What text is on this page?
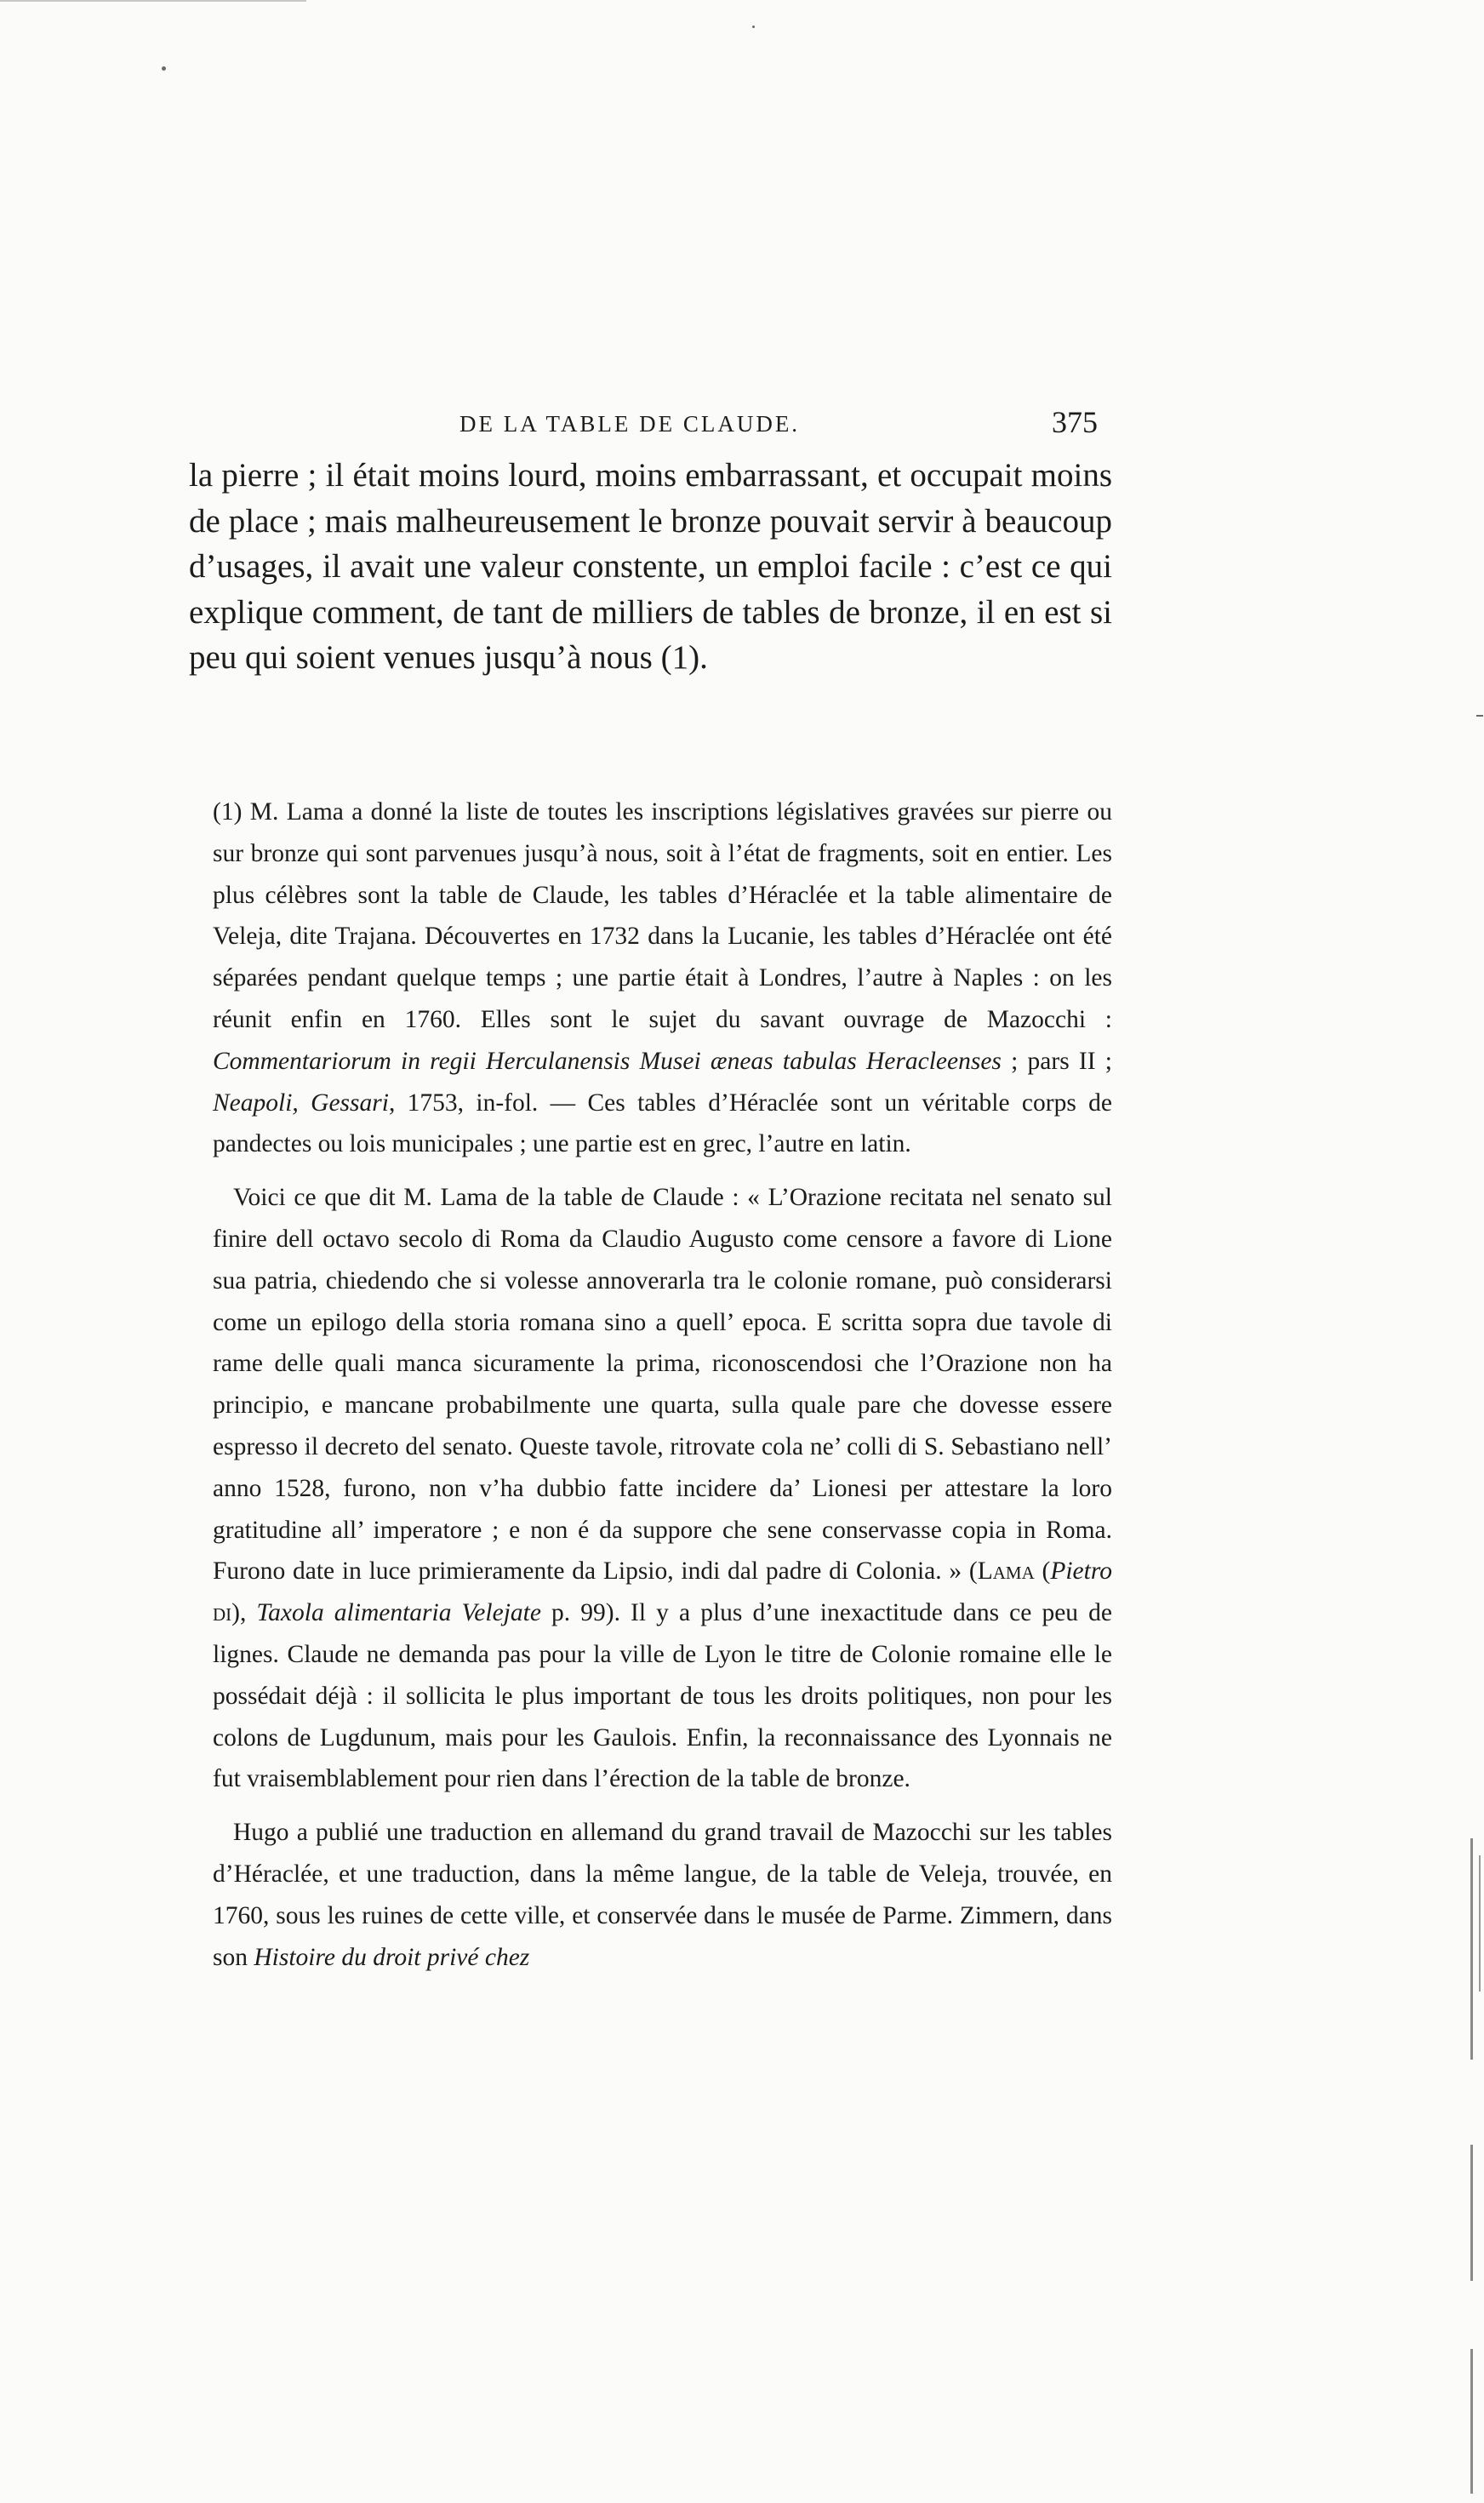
DE LA TABLE DE CLAUDE.	375

la pierre ; il était moins lourd, moins embarrassant, et occupait moins de place ; mais malheureusement le bronze pouvait servir à beaucoup d’usages, il avait une valeur constente, un emploi facile : c’est ce qui explique comment, de tant de milliers de tables de bronze, il en est si peu qui soient venues jusqu’à nous (1).

(1) M. Lama a donné la liste de toutes les inscriptions législatives gravées sur pierre ou sur bronze qui sont parvenues jusqu’à nous, soit à l’état de fragments, soit en entier. Les plus célèbres sont la table de Claude, les tables d’Héraclée et la table alimentaire de Veleja, dite Trajana. Découvertes en 1732 dans la Lucanie, les tables d’Héraclée ont été séparées pendant quelque temps ; une partie était à Londres, l’autre à Naples : on les réunit enfin en 1760. Elles sont le sujet du savant ouvrage de Mazocchi : Commentariorum in regii Herculanensis Musei æneas tabulas Heracleenses ; pars II ; Neapoli, Gessari, 1753, in-fol. — Ces tables d’Héraclée sont un véritable corps de pandectes ou lois municipales ; une partie est en grec, l’autre en latin.

Voici ce que dit M. Lama de la table de Claude : « L’Orazione recitata nel senato sul finire dell octavo secolo di Roma da Claudio Augusto come censore a favore di Lione sua patria, chiedendo che si volesse annoverarla tra le colonie romane, può considerarsi come un epilogo della storia romana sino a quell’ epoca. E scritta sopra due tavole di rame delle quali manca sicuramente la prima, riconoscendosi che l’Orazione non ha principio, e mancane probabilmente une quarta, sulla quale pare che dovesse essere espresso il decreto del senato. Queste tavole, ritrovate cola ne’ colli di S. Sebastiano nell’ anno 1528, furono, non v’ha dubbio fatte incidere da’ Lionesi per attestare la loro gratitudine all’ imperatore ; e non é da suppore che sene conservasse copia in Roma. Furono date in luce primieramente da Lipsio, indi dal padre di Colonia. » (Lama (Pietro di), Taxola alimentaria Velejate p. 99). Il y a plus d’une inexactitude dans ce peu de lignes. Claude ne demanda pas pour la ville de Lyon le titre de Colonie romaine elle le possédait déjà : il sollicita le plus important de tous les droits politiques, non pour les colons de Lugdunum, mais pour les Gaulois. Enfin, la reconnaissance des Lyonnais ne fut vraisemblablement pour rien dans l’érection de la table de bronze.

Hugo a publié une traduction en allemand du grand travail de Mazocchi sur les tables d’Héraclée, et une traduction, dans la même langue, de la table de Veleja, trouvée, en 1760, sous les ruines de cette ville, et conservée dans le musée de Parme. Zimmern, dans son Histoire du droit privé chez
